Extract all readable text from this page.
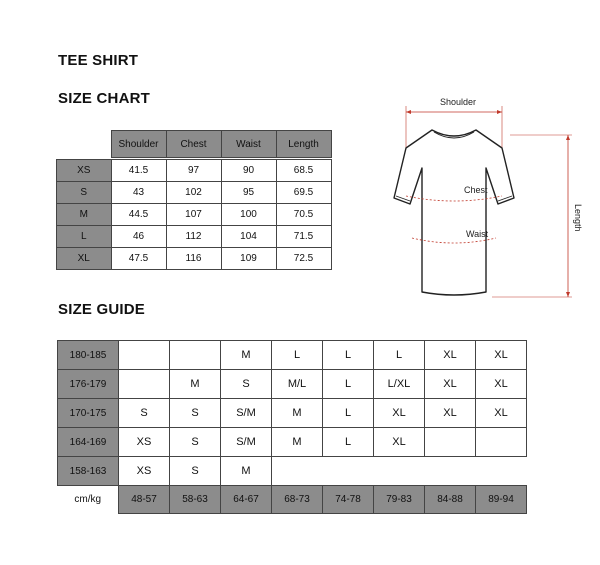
TEE SHIRT
SIZE CHART
	Shoulder	Chest	Waist	Length

XS	41.5	97	90	68.5
S	43	102	95	69.5
M	44.5	107	100	70.5
L	46	112	104	71.5
XL	47.5	116	109	72.5
Shoulder
Chest
Waist
Length
SIZE GUIDE
180-185			M	L	L	L	XL	XL
176-179		M	S	M/L	L	L/XL	XL	XL
170-175	S	S	S/M	M	L	XL	XL	XL
164-169	XS	S	S/M	M	L	XL		
158-163	XS	S	M					
cm/kg	48-57	58-63	64-67	68-73	74-78	79-83	84-88	89-94
